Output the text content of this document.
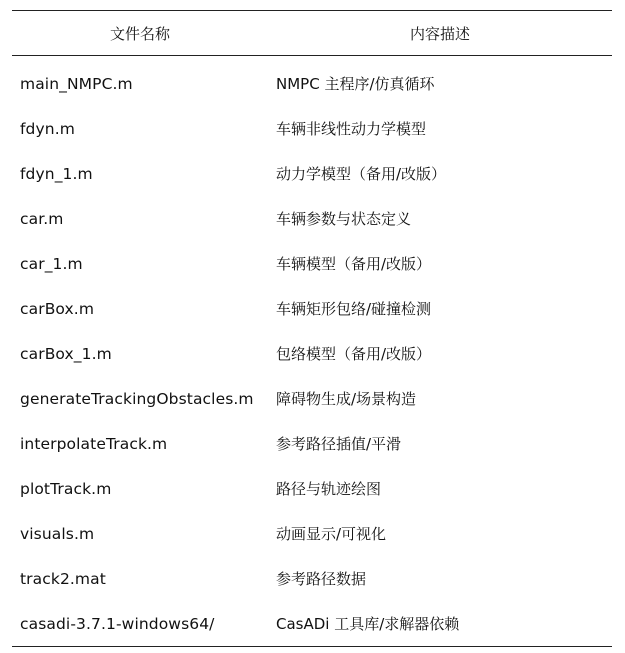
文件名称	内容描述
main_NMPC.m	NMPC 主程序/仿真循环
fdyn.m	车辆非线性动力学模型
fdyn_1.m	动力学模型（备用/改版）
car.m	车辆参数与状态定义
car_1.m	车辆模型（备用/改版）
carBox.m	车辆矩形包络/碰撞检测
carBox_1.m	包络模型（备用/改版）
generateTrackingObstacles.m	障碍物生成/场景构造
interpolateTrack.m	参考路径插值/平滑
plotTrack.m	路径与轨迹绘图
visuals.m	动画显示/可视化
track2.mat	参考路径数据
casadi-3.7.1-windows64/	CasADi 工具库/求解器依赖
